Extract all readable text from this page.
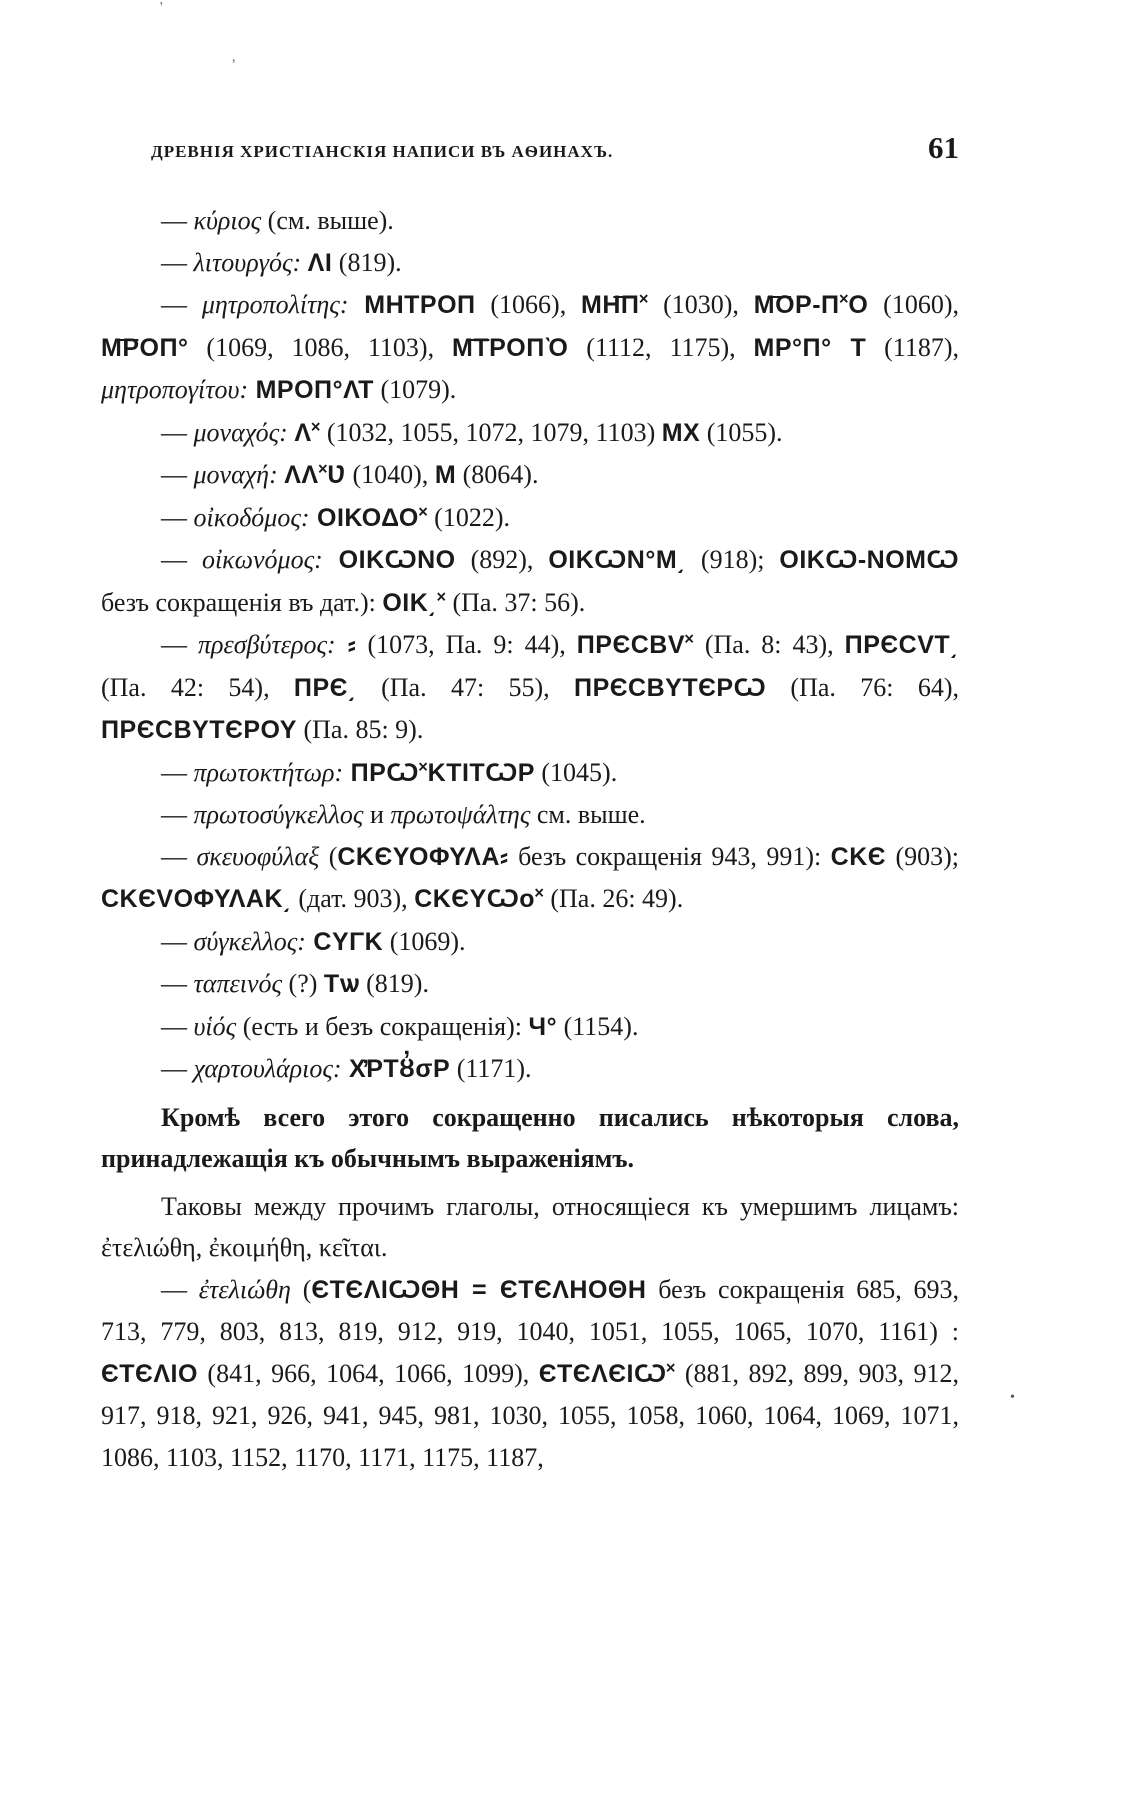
ДРЕВНІЯ ХРИСТІАНСКІЯ НАПИСИ ВЪ АѲИНАХЪ.	61

— κύριος (см. выше).

— λιτουργός: ΛΙ (819).

— μητροπολίτης: ΜΗΤΡΟΠ (1066), ΜΗ͞Π˟ (1030), Μ͞ΟΡ-Π˟Ο (1060), Μ͞ΡΟΠ° (1069, 1086, 1103), Μ͞ΤΡΟΠῸ (1112, 1175), ΜΡ°Π° Τ (1187), μητροπογίτου: ΜΡΟΠ°ΛΤ (1079).

— μοναχός: Λ˟ (1032, 1055, 1072, 1079, 1103) ΜΧ (1055).

— μοναχή: ΛΛ˟Ʋ (1040), Μ (8064).

— οἰκοδόμος: ΟΙΚΟΔΟ˟ (1022).

— οἰκωνόμος: ΟΙΚѠΝΟ (892), ΟΙΚѠΝ°Μ͵ (918); ΟΙΚѠ-ΝΟΜѠ безъ сокращенія въ дат.): ΟΙΚ͵˟ (Па. 37: 56).

— πρεσβύτερος: ⸗ (1073, Па. 9: 44), ΠΡЄСΒV˟ (Па. 8: 43), ΠΡЄСVΤ͵ (Па. 42: 54), ΠΡЄ͵ (Па. 47: 55), ΠΡЄСΒΥΤЄΡѠ (Па. 76: 64), ΠΡЄСΒΥΤЄΡΟΥ (Па. 85: 9).

— πρωτοκτήτωρ: ΠΡѠ˟ΚΤΙΤѠΡ (1045).

— πρωτοσύγκελλος и πρωτοψάλτης см. выше.

— σκευοφύλαξ (СΚЄΥΟΦΥΛΑ⸗ безъ сокращенія 943, 991): СΚЄ (903); СΚЄVΟΦΥΛΑΚ͵ (дат. 903), СΚЄΥѠο˟ (Па. 26: 49).

— σύγκελλος: СΥΓΚ (1069).

— ταπεινός (?) Τѡ (819).

— υἱός (есть и безъ сокращенія): Ч° (1154).

— χαρτουλάριος: Χ̓ΡΤȣ̓σΡ (1171).

Кромѣ всего этого сокращенно писались нѣкоторыя слова, принадлежащія къ обычнымъ выраженіямъ.

Таковы между прочимъ глаголы, относящіеся къ умершимъ лицамъ: ἐτελιώθη, ἐκοιμήθη, κεῖται.

— ἐτελιώθη (ЄΤЄΛΙѠΘΗ = ЄΤЄΛΗΟΘΗ безъ сокращенія 685, 693, 713, 779, 803, 813, 819, 912, 919, 1040, 1051, 1055, 1065, 1070, 1161) : ЄΤЄΛΙΟ (841, 966, 1064, 1066, 1099), ЄΤЄΛЄΙѠ˟ (881, 892, 899, 903, 912, 917, 918, 921, 926, 941, 945, 981, 1030, 1055, 1058, 1060, 1064, 1069, 1071, 1086, 1103, 1152, 1170, 1171, 1175, 1187,

'
,
•
